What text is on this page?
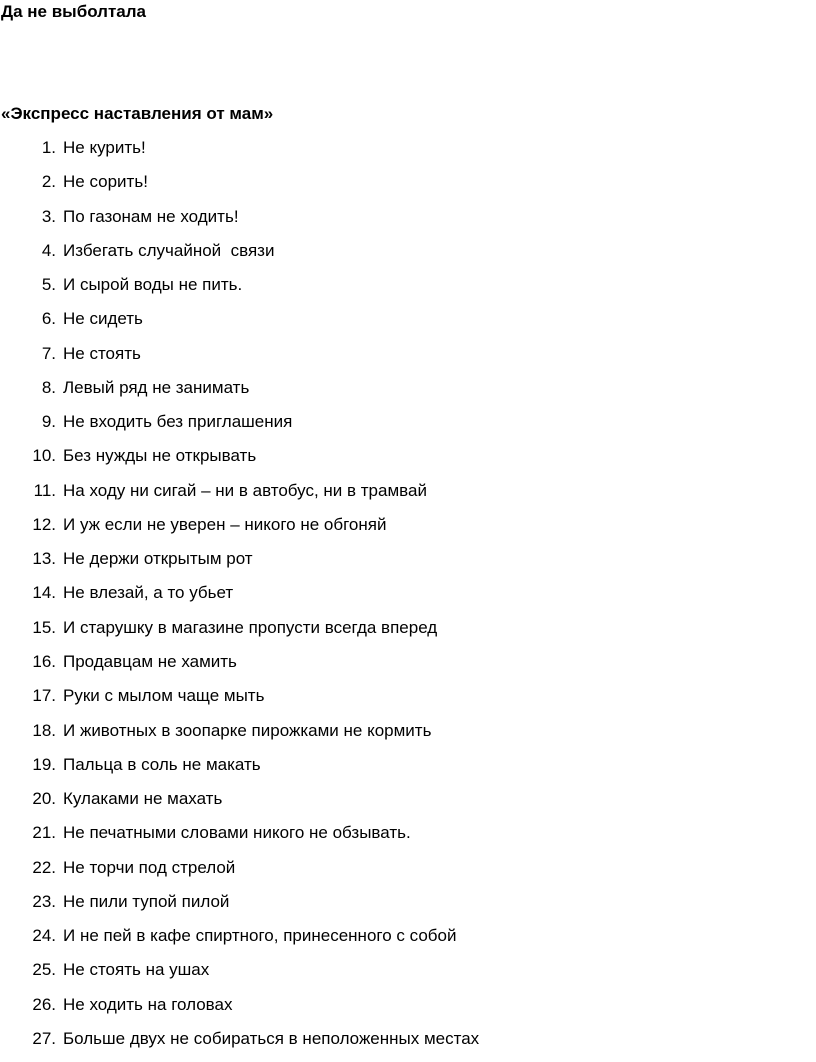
Да не выболтала
«Экспресс наставления от мам»
1. Не курить!
2. Не сорить!
3. По газонам не ходить!
4. Избегать случайной  связи
5. И сырой воды не пить.
6. Не сидеть
7. Не стоять
8. Левый ряд не занимать
9. Не входить без приглашения
10. Без нужды не открывать
11. На ходу ни сигай – ни в автобус, ни в трамвай
12. И уж если не уверен – никого не обгоняй
13. Не держи открытым рот
14. Не влезай, а то убьет
15. И старушку в магазине пропусти всегда вперед
16. Продавцам не хамить
17. Руки с мылом чаще мыть
18. И животных в зоопарке пирожками не кормить
19. Пальца в соль не макать
20. Кулаками не махать
21. Не печатными словами никого не обзывать.
22. Не торчи под стрелой
23. Не пили тупой пилой
24. И не пей в кафе спиртного, принесенного с собой
25. Не стоять на ушах
26. Не ходить на головах
27. Больше двух не собираться в неположенных местах
